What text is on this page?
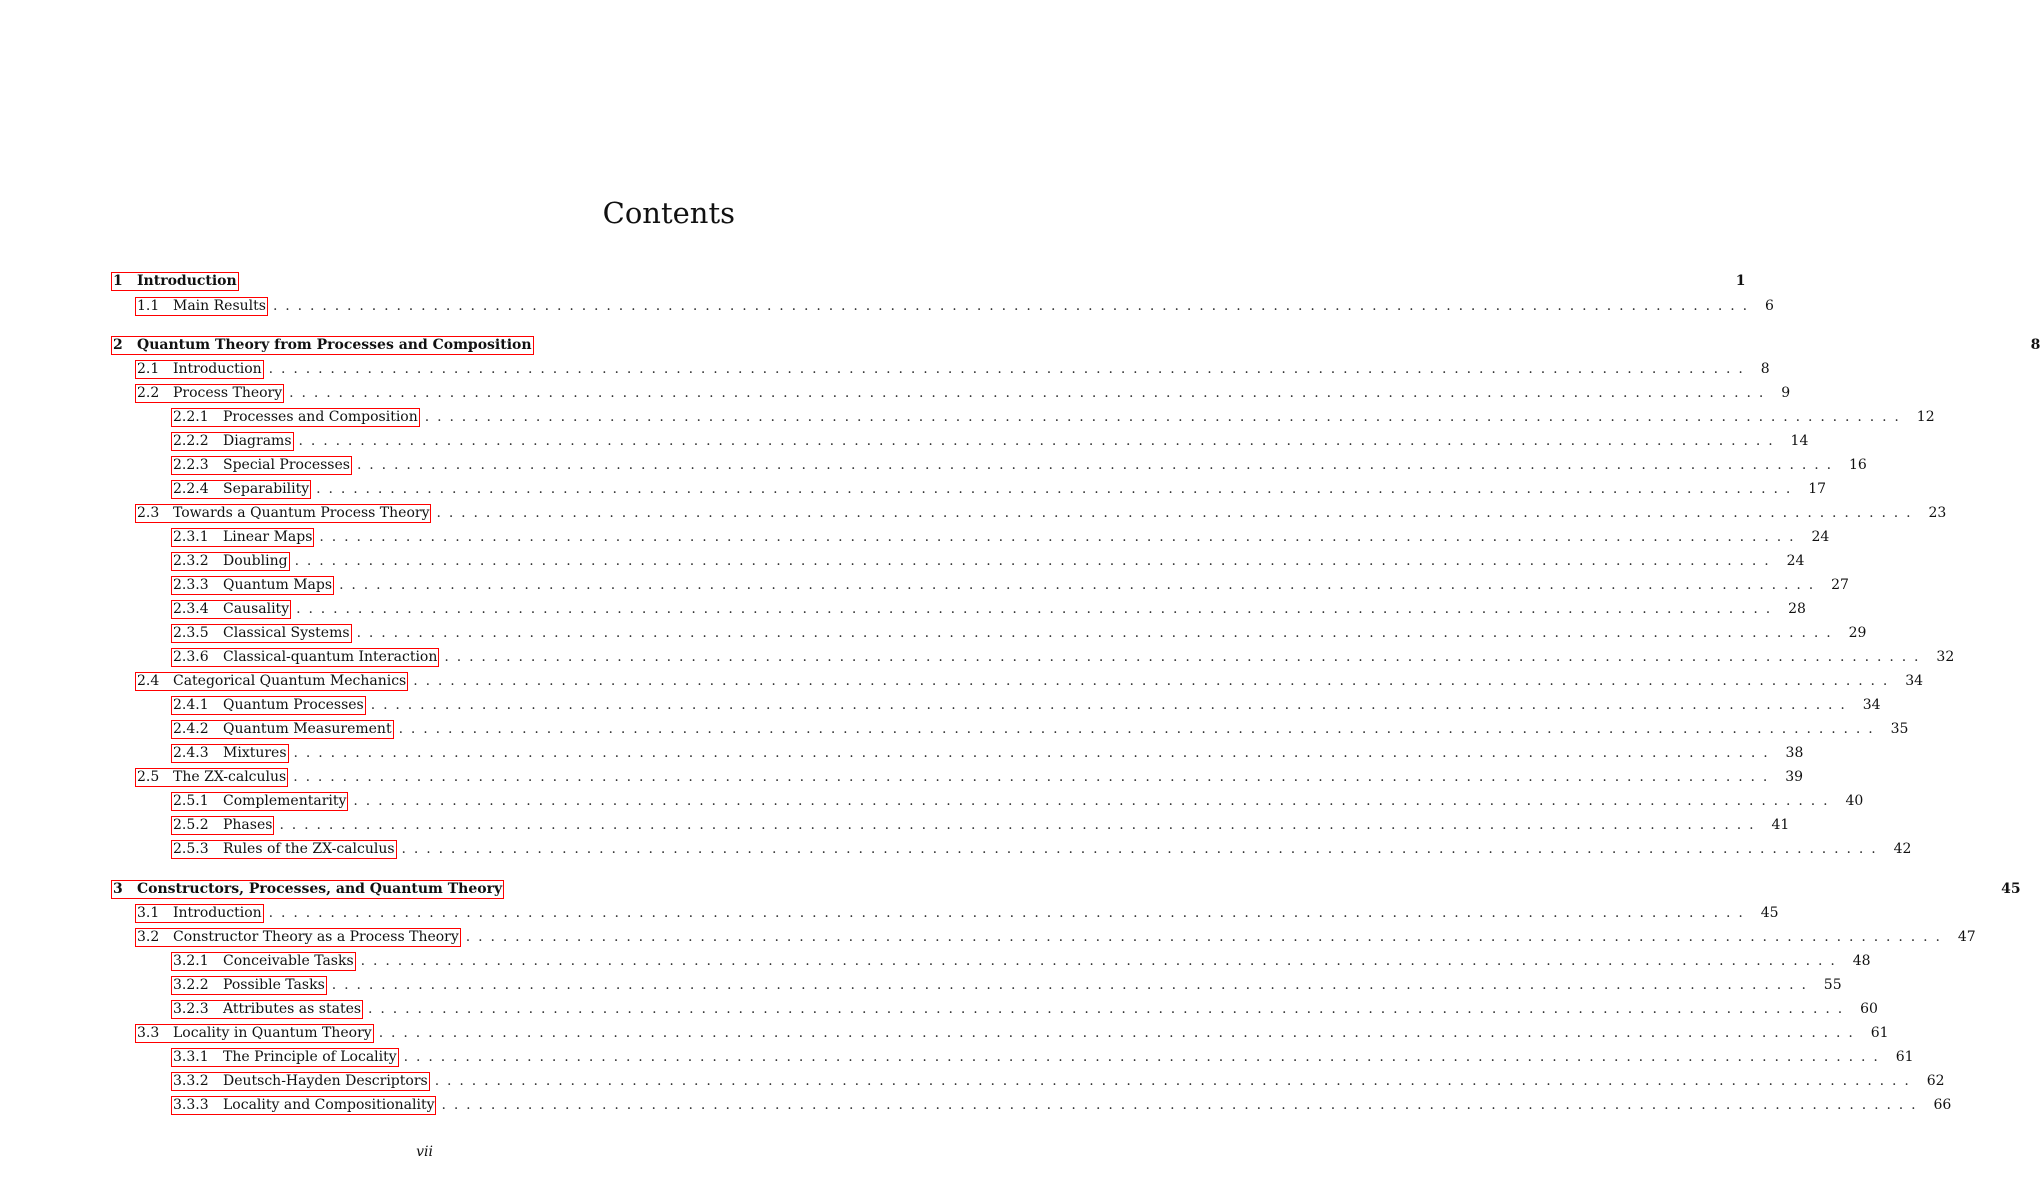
Contents
1	Introduction	1
1.1 Main Results ........................................................................................................................ 6
2	Quantum Theory from Processes and Composition	8
2.1 Introduction ........................................................................................................................ 8
2.2 Process Theory ........................................................................................................................ 9
2.2.1	Processes and Composition ........................................................................................................................ 12
2.2.2	Diagrams ........................................................................................................................ 14
2.2.3	Special Processes ........................................................................................................................ 16
2.2.4	Separability ........................................................................................................................ 17
2.3 Towards a Quantum Process Theory ........................................................................................................................ 23
2.3.1	Linear Maps ........................................................................................................................ 24
2.3.2	Doubling ........................................................................................................................ 24
2.3.3	Quantum Maps ........................................................................................................................ 27
2.3.4	Causality ........................................................................................................................ 28
2.3.5	Classical Systems ........................................................................................................................ 29
2.3.6	Classical-quantum Interaction ........................................................................................................................ 32
2.4 Categorical Quantum Mechanics ........................................................................................................................ 34
2.4.1	Quantum Processes ........................................................................................................................ 34
2.4.2	Quantum Measurement ........................................................................................................................ 35
2.4.3	Mixtures ........................................................................................................................ 38
2.5 The ZX-calculus ........................................................................................................................ 39
2.5.1	Complementarity ........................................................................................................................ 40
2.5.2	Phases ........................................................................................................................ 41
2.5.3	Rules of the ZX-calculus ........................................................................................................................ 42
3	Constructors, Processes, and Quantum Theory	45
3.1 Introduction ........................................................................................................................ 45
3.2 Constructor Theory as a Process Theory ........................................................................................................................ 47
3.2.1	Conceivable Tasks ........................................................................................................................ 48
3.2.2	Possible Tasks ........................................................................................................................ 55
3.2.3	Attributes as states ........................................................................................................................ 60
3.3 Locality in Quantum Theory ........................................................................................................................ 61
3.3.1	The Principle of Locality ........................................................................................................................ 61
3.3.2	Deutsch-Hayden Descriptors ........................................................................................................................ 62
3.3.3	Locality and Compositionality ........................................................................................................................ 66
vii
